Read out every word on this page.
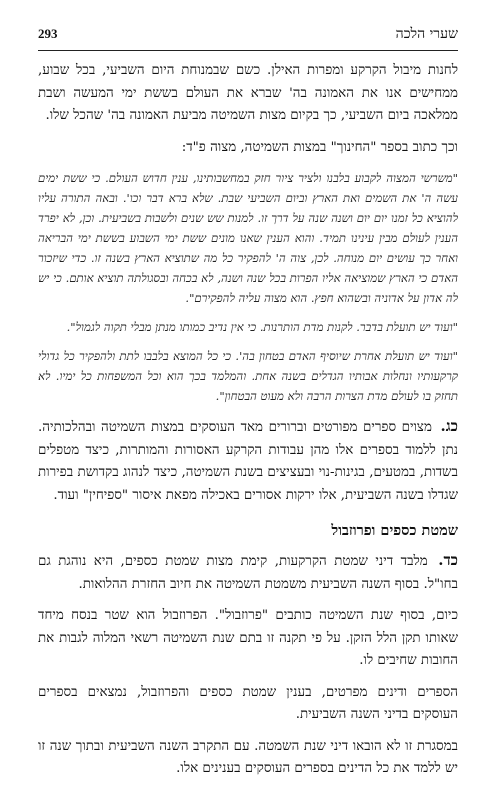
293	שערי הלכה

לחנות מיבול הקרקע ומפרות האילן. כשם שבמנוחת היום השביעי, בכל שבוע, ממחישים אנו את האמונה בה' שברא את העולם בששת ימי המעשה ושבת ממלאכה ביום השביעי, כך בקיום מצות השמיטה מביעת האמונה בה' שהכל שלו.

וכך כתוב בספר "החינוך" במצות השמיטה, מצוה פ"ד:

"משרשי המצוה לקבוע בלבנו ולציר ציור חזק במחשבותינו, ענין חדוש העולם. כי ששת ימים עשה ה' את השמים ואת הארץ וביום השביעי שבת. שלא ברא דבר וכו'. ובאה התורה עליו להוציא כל זמנו יום יום ושנה שנה על דרך זו. למנות שש שנים ולשבות בשביעית. וכן, לא יפרד הענין לעולם מבין עינינו תמיד. והוא הענין שאנו מונים ששת ימי השבוע בששת ימי הבריאה ואחר כך עושים יום מנוחה. לכן, צוה ה' להפקיר כל מה שתוציא הארץ בשנה זו. כדי שיזכור האדם כי הארץ שמוציאה אליו הפרות בכל שנה ושנה, לא בכחה ובסגולתה תוציא אותם. כי יש לה אדון על אדוניה ובשהוא חפץ. הוא מצוה עליה להפקירם".

"ועוד יש תועלת בדבר. לקנות מדת הותרנות. כי אין נדיב כמותו מנתן מבלי תקוה לגמול".

"ועוד יש תועלת אחרת שיוסיף האדם בטחון בה'. כי כל המוצא בלבבו לתת ולהפקיר כל גדולי קרקעותיו ונחלות אבותיו הגדלים בשנה אחת. והמלמד בכך הוא וכל המשפחות כל ימיו. לא תחזק בו לעולם מדת הצרות הרבה ולא מעוט הבטחון".

כג. מצוים ספרים מפורטים וברורים מאד העוסקים במצות השמיטה ובהלכותיה. נתן ללמוד בספרים אלו מהן עבודות הקרקע האסורות והמותרות, כיצד מטפלים בשדות, במטעים, בגינות-נוי ובעציצים בשנת השמיטה, כיצד לנהוג בקדושת בפירות שגדלו בשנה השביעית, אלו ירקות אסורים באכילה מפאת איסור "ספיחין" ועוד.

שמטת כספים ופרוזבול

כד. מלבד דיני שמטת הקרקעות, קימת מצות שמטת כספים, היא נוהגת גם בחו"ל. בסוף השנה השביעית משמטת השמיטה את חיוב החזרת ההלואות.

כיום, בסוף שנת השמיטה כותבים "פרוזבול". הפרוזבול הוא שטר בנסח מיחד שאותו תקן הלל הזקן. על פי תקנה זו בתם שנת השמיטה רשאי המלוה לגבות את החובות שחיבים לו.

הספרים ודינים מפרטים, בענין שמטת כספים והפרוזבול, נמצאים בספרים העוסקים בדיני השנה השביעית.

במסגרת זו לא הובאו דיני שנת השמטה. עם התקרב השנה השביעית ובתוך שנה זו יש ללמד את כל הדינים בספרים העוסקים בענינים אלו.
